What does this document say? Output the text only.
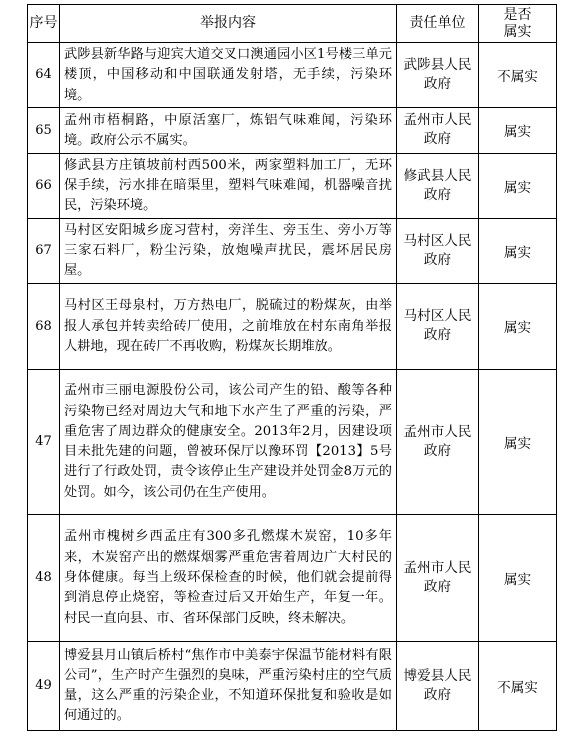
序号	举报内容	责任单位	是否属实
64	武陟县新华路与迎宾大道交叉口澳通园小区1号楼三单元楼顶，中国移动和中国联通发射塔，无手续，污染环境。	武陟县人民政府	不属实
65	孟州市梧桐路，中原活塞厂，炼铝气味难闻，污染环境。政府公示不属实。	孟州市人民政府	属实
66	修武县方庄镇坡前村西500米，两家塑料加工厂，无环保手续，污水排在暗渠里，塑料气味难闻，机器噪音扰民，污染环境。	修武县人民政府	属实
67	马村区安阳城乡庞习营村，旁洋生、旁玉生、旁小万等三家石料厂，粉尘污染，放炮噪声扰民，震坏居民房屋。	马村区人民政府	属实
68	马村区王母泉村，万方热电厂，脱硫过的粉煤灰，由举报人承包并转卖给砖厂使用，之前堆放在村东南角举报人耕地，现在砖厂不再收购，粉煤灰长期堆放。	马村区人民政府	属实
47	孟州市三丽电源股份公司，该公司产生的铅、酸等各种污染物已经对周边大气和地下水产生了严重的污染，严重危害了周边群众的健康安全。2013年2月，因建设项目未批先建的问题，曾被环保厅以豫环罚【2013】5号进行了行政处罚，责令该停止生产建设并处罚金8万元的处罚。如今，该公司仍在生产使用。	孟州市人民政府	属实
48	孟州市槐树乡西孟庄有300多孔燃煤木炭窑，10多年来，木炭窑产出的燃煤烟雾严重危害着周边广大村民的身体健康。每当上级环保检查的时候，他们就会提前得到消息停止烧窑，等检查过后又开始生产，年复一年。村民一直向县、市、省环保部门反映，终未解决。	孟州市人民政府	属实
49	博爱县月山镇后桥村“焦作市中美泰宇保温节能材料有限公司”，生产时产生强烈的臭味，严重污染村庄的空气质量，这么严重的污染企业，不知道环保批复和验收是如何通过的。	博爱县人民政府	不属实
